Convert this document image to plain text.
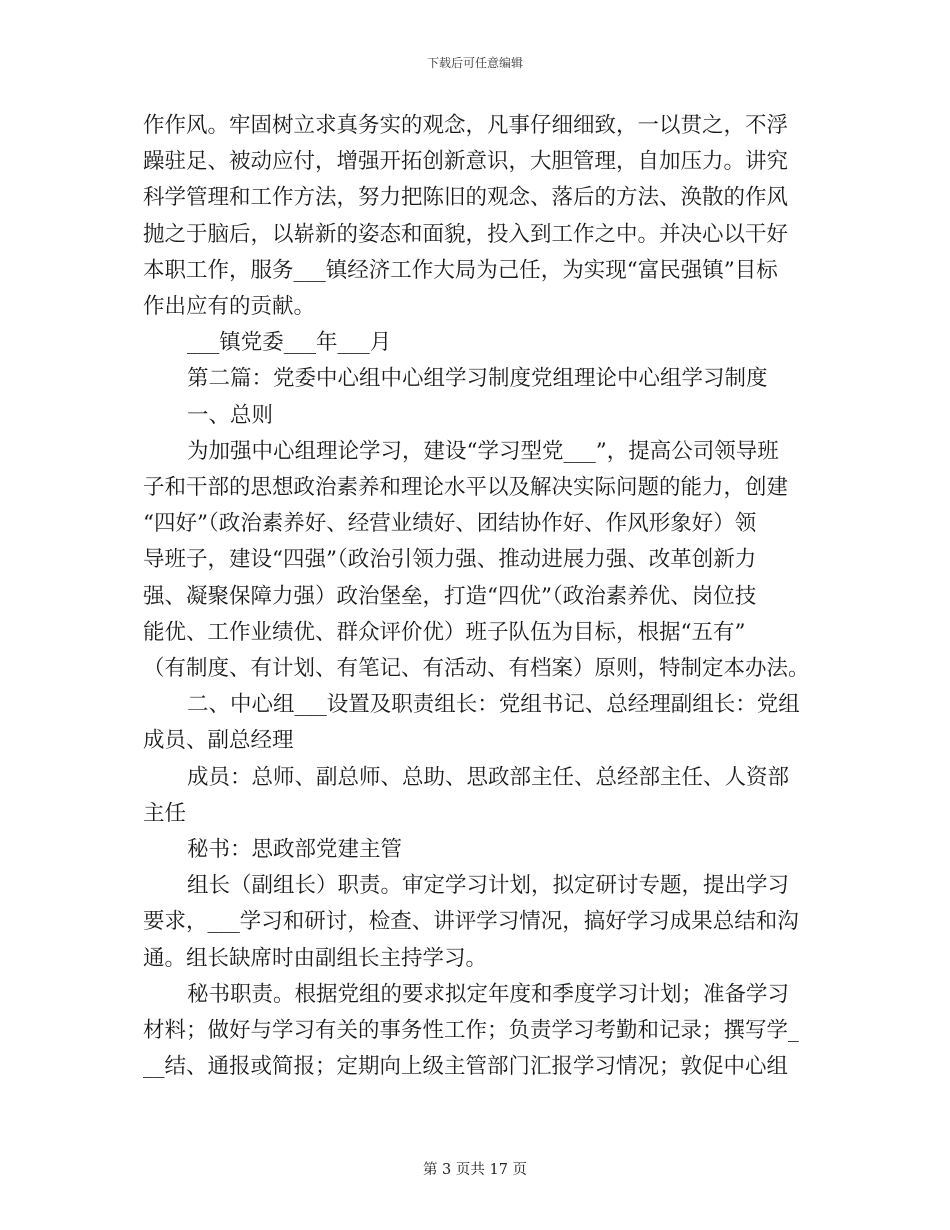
下载后可任意编辑

作作风。牢固树立求真务实的观念，凡事仔细细致，一以贯之，不浮
躁驻足、被动应付，增强开拓创新意识，大胆管理，自加压力。讲究
科学管理和工作方法，努力把陈旧的观念、落后的方法、涣散的作风
抛之于脑后，以崭新的姿态和面貌，投入到工作之中。并决心以干好
本职工作，服务___镇经济工作大局为己任，为实现“富民强镇”目标
作出应有的贡献。

___镇党委___年___月

第二篇：党委中心组中心组学习制度党组理论中心组学习制度

一、总则

为加强中心组理论学习，建设“学习型党___”，提高公司领导班
子和干部的思想政治素养和理论水平以及解决实际问题的能力，创建
“四好”（政治素养好、经营业绩好、团结协作好、作风形象好）领
导班子，建设“四强”（政治引领力强、推动进展力强、改革创新力
强、凝聚保障力强）政治堡垒，打造“四优”（政治素养优、岗位技
能优、工作业绩优、群众评价优）班子队伍为目标，根据“五有”
（有制度、有计划、有笔记、有活动、有档案）原则，特制定本办法。

二、中心组___设置及职责组长：党组书记、总经理副组长：党组
成员、副总经理

成员：总师、副总师、总助、思政部主任、总经部主任、人资部
主任

秘书：思政部党建主管

组长（副组长）职责。审定学习计划，拟定研讨专题，提出学习
要求，___学习和研讨，检查、讲评学习情况，搞好学习成果总结和沟
通。组长缺席时由副组长主持学习。

秘书职责。根据党组的要求拟定年度和季度学习计划；准备学习
材料；做好与学习有关的事务性工作；负责学习考勤和记录；撰写学_
__结、通报或简报；定期向上级主管部门汇报学习情况；敦促中心组

第 3 页共 17 页
